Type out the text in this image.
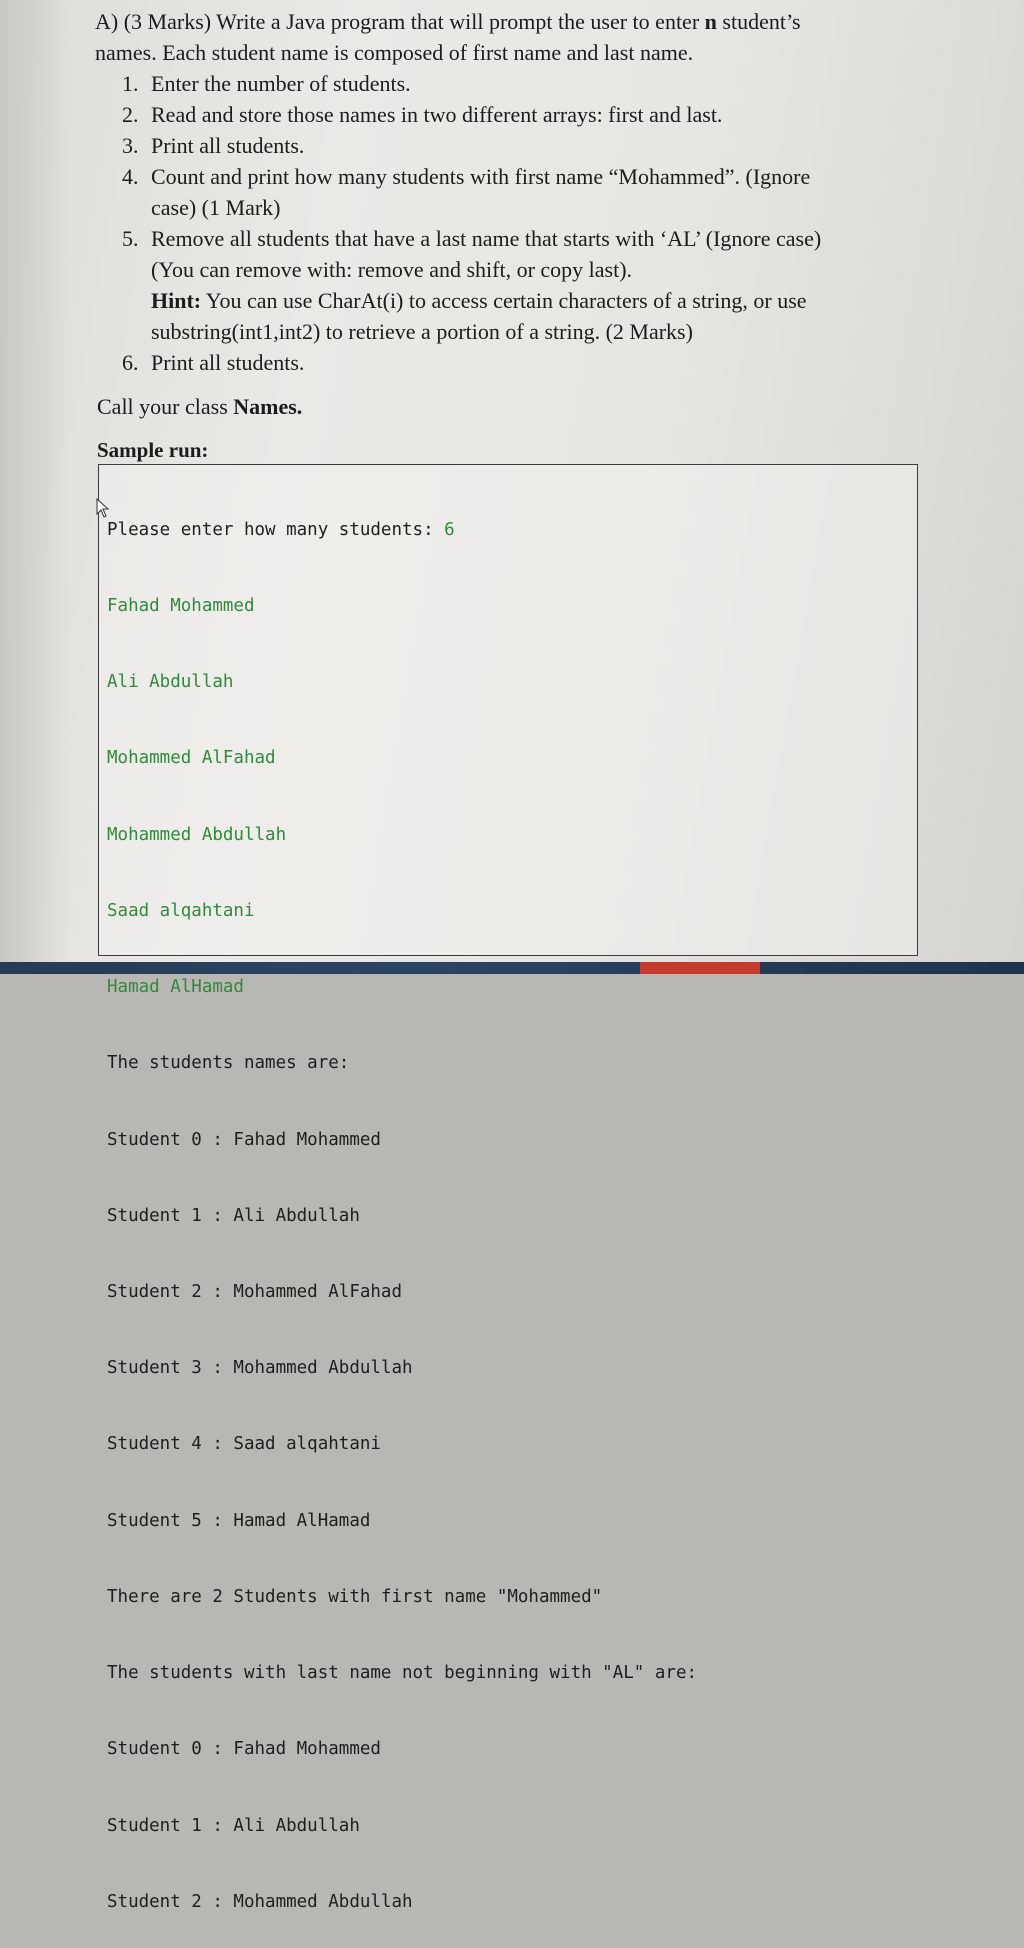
A) (3 Marks) Write a Java program that will prompt the user to enter n student’s
names. Each student name is composed of first name and last name.
1. Enter the number of students.
2. Read and store those names in two different arrays: first and last.
3. Print all students.
4. Count and print how many students with first name “Mohammed”. (Ignore
case) (1 Mark)
5. Remove all students that have a last name that starts with ‘AL’ (Ignore case)
(You can remove with: remove and shift, or copy last).
Hint: You can use CharAt(i) to access certain characters of a string, or use
substring(int1,int2) to retrieve a portion of a string. (2 Marks)
6. Print all students.
Call your class Names.
Sample run:

Please enter how many students: 6

Fahad Mohammed

Ali Abdullah

Mohammed AlFahad

Mohammed Abdullah

Saad alqahtani

Hamad AlHamad

The students names are:

Student 0 : Fahad Mohammed

Student 1 : Ali Abdullah

Student 2 : Mohammed AlFahad

Student 3 : Mohammed Abdullah

Student 4 : Saad alqahtani

Student 5 : Hamad AlHamad

There are 2 Students with first name "Mohammed"

The students with last name not beginning with "AL" are:

Student 0 : Fahad Mohammed

Student 1 : Ali Abdullah

Student 2 : Mohammed Abdullah
